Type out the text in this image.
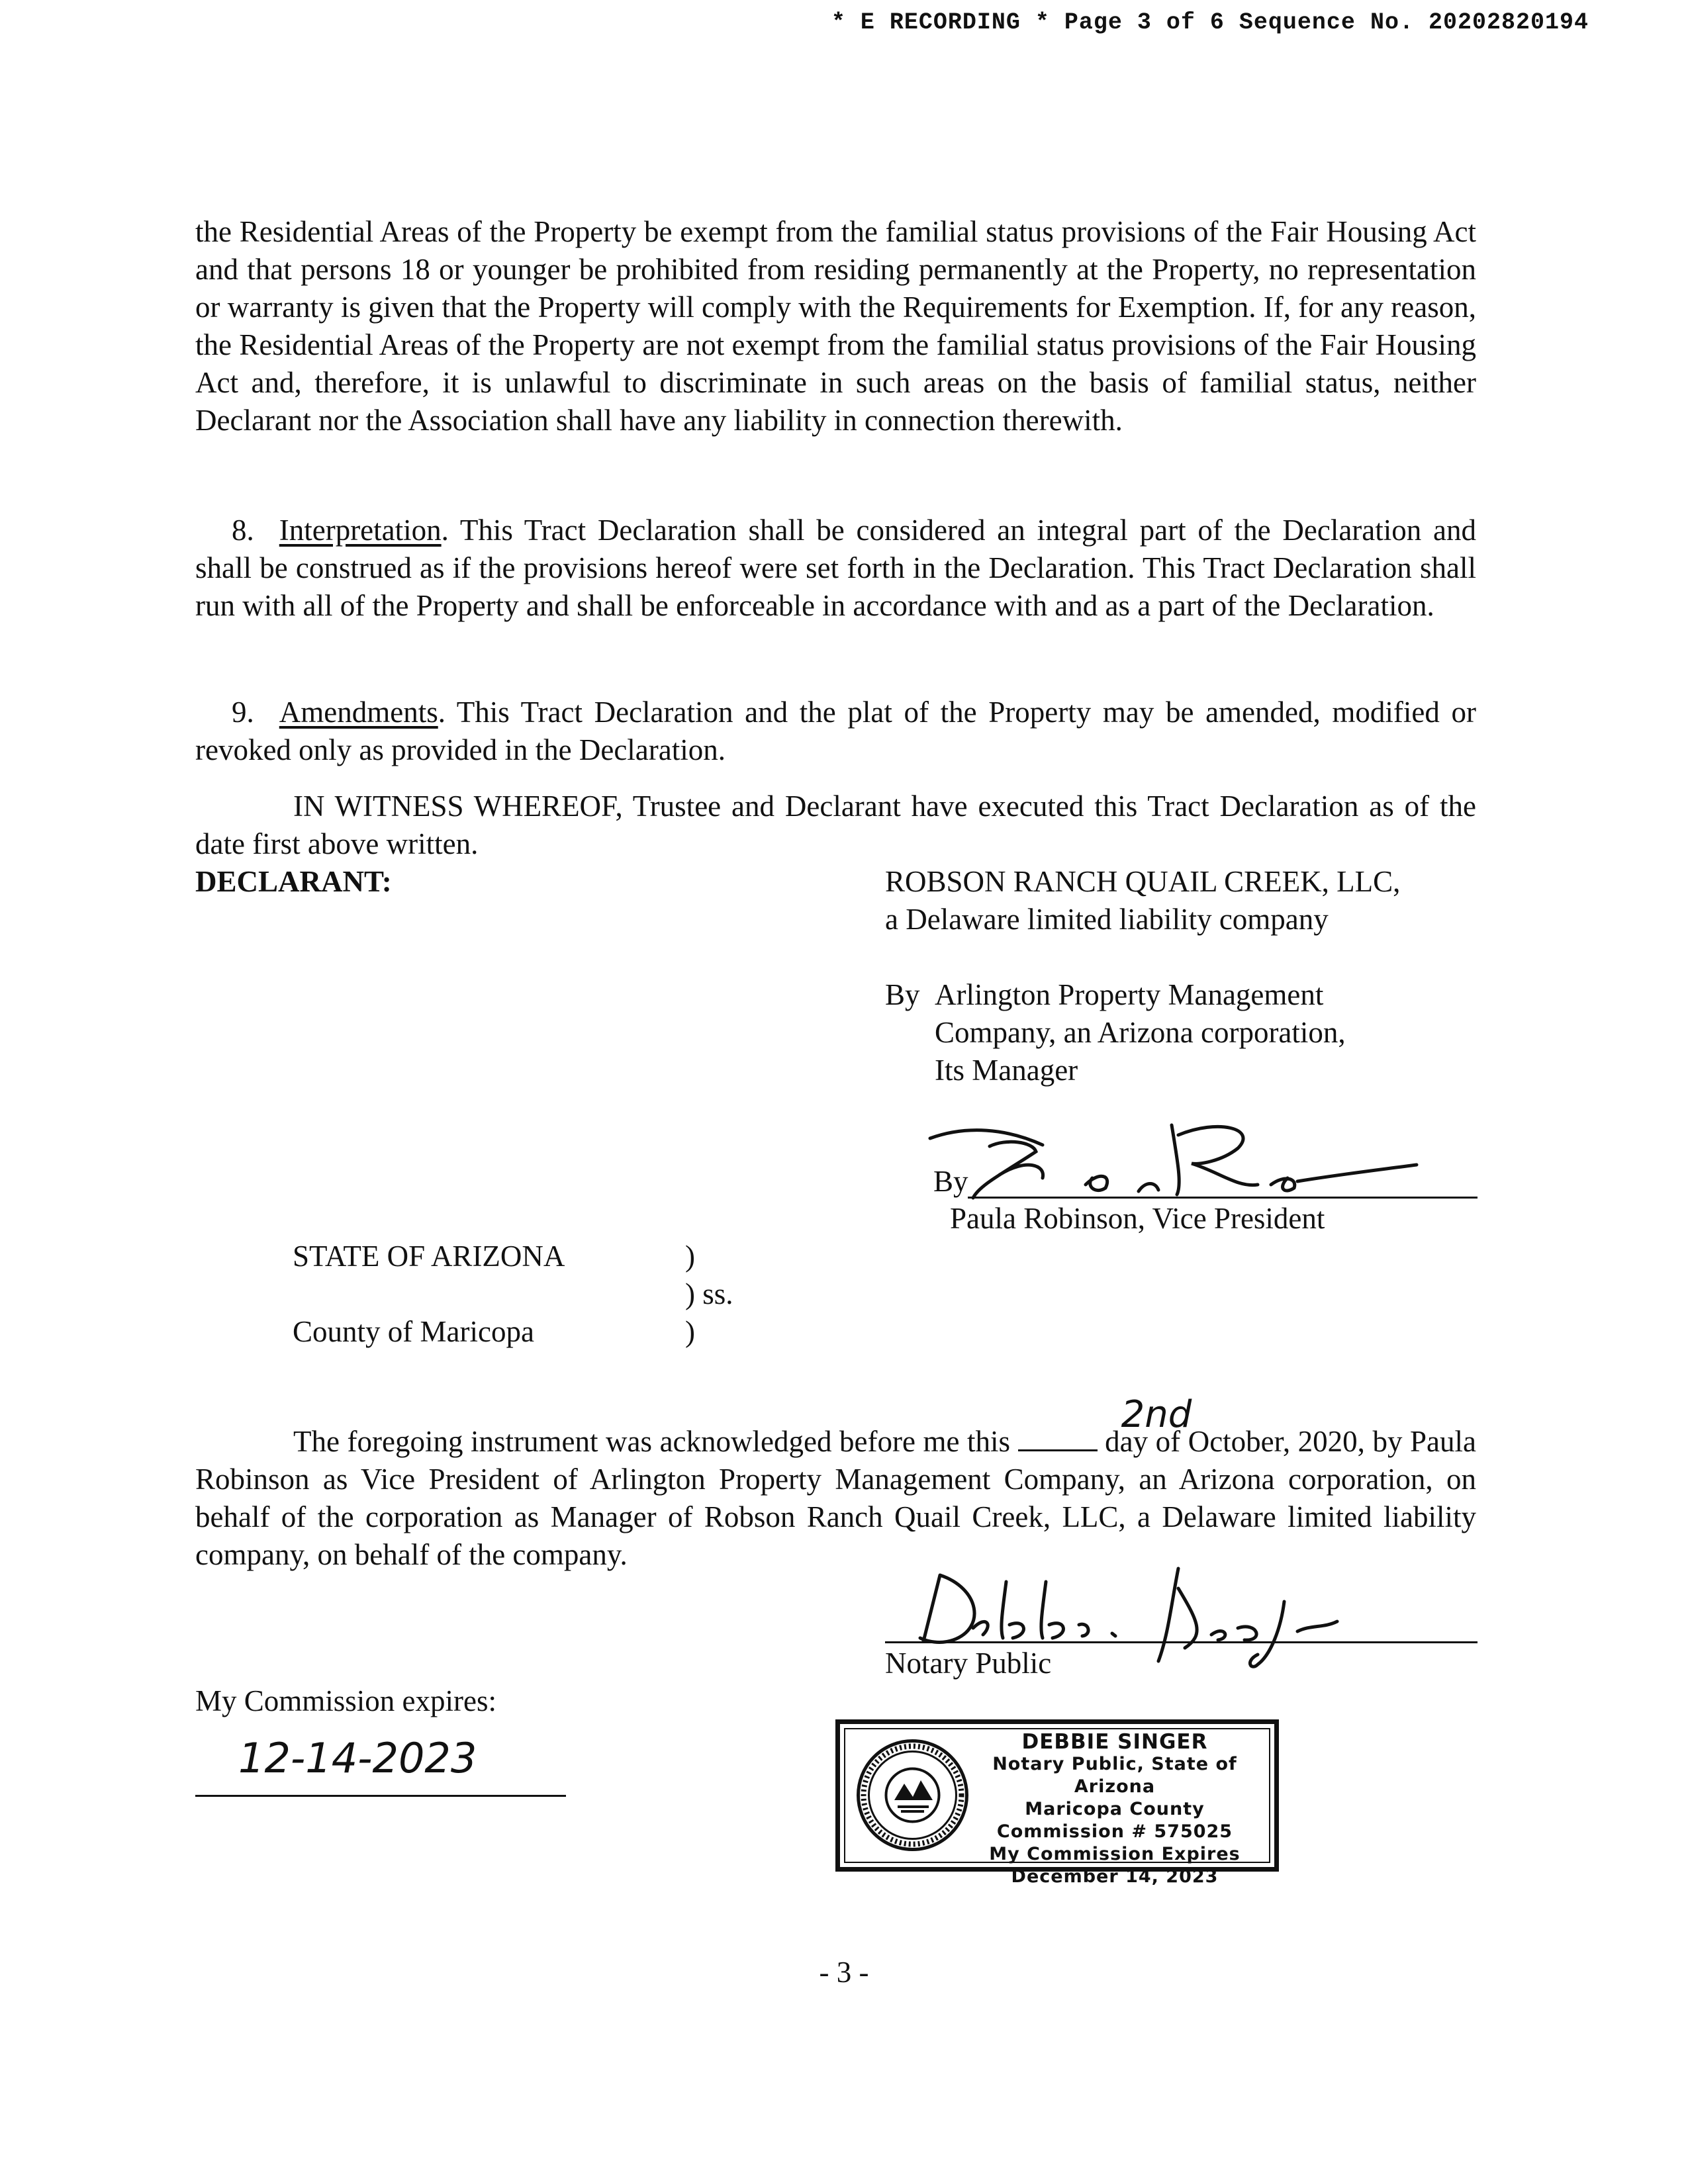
* E RECORDING * Page 3 of 6 Sequence No. 20202820194
the Residential Areas of the Property be exempt from the familial status provisions of the Fair Housing Act and that persons 18 or younger be prohibited from residing permanently at the Property, no representation or warranty is given that the Property will comply with the Requirements for Exemption. If, for any reason, the Residential Areas of the Property are not exempt from the familial status provisions of the Fair Housing Act and, therefore, it is unlawful to discriminate in such areas on the basis of familial status, neither Declarant nor the Association shall have any liability in connection therewith.
8. Interpretation. This Tract Declaration shall be considered an integral part of the Declaration and shall be construed as if the provisions hereof were set forth in the Declaration. This Tract Declaration shall run with all of the Property and shall be enforceable in accordance with and as a part of the Declaration.
9. Amendments. This Tract Declaration and the plat of the Property may be amended, modified or revoked only as provided in the Declaration.
IN WITNESS WHEREOF, Trustee and Declarant have executed this Tract Declaration as of the date first above written.
DECLARANT:	ROBSON RANCH QUAIL CREEK, LLC,
a Delaware limited liability company
By Arlington Property Management
Company, an Arizona corporation,
Its Manager
By
Paula Robinson, Vice President
STATE OF ARIZONA	)
) ss.
County of Maricopa	)
The foregoing instrument was acknowledged before me this
2nd
day of October, 2020, by Paula Robinson as Vice President of Arlington Property Management Company, an Arizona corporation, on behalf of the corporation as Manager of Robson Ranch Quail Creek, LLC, a Delaware limited liability company, on behalf of the company.
Notary Public
My Commission expires:
12-14-2023	DEBBIE SINGER
Notary Public, State of Arizona
Maricopa County
Commission # 575025
My Commission Expires
December 14, 2023
- 3 -
